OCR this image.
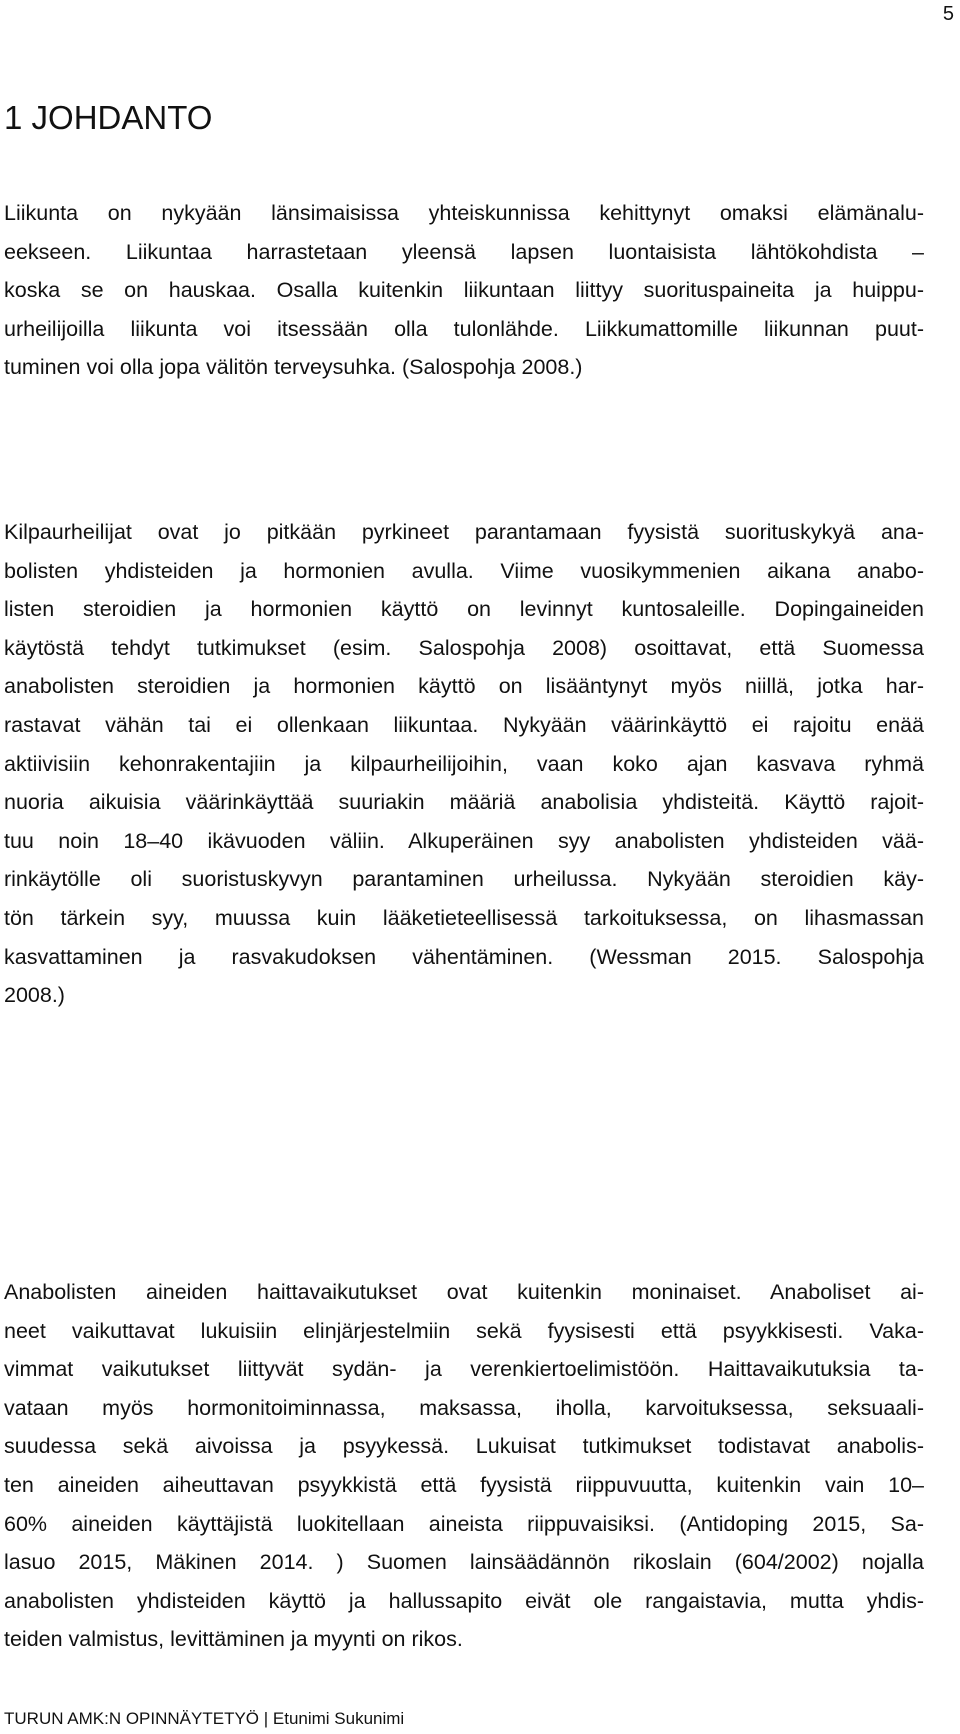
5
1 JOHDANTO

Liikunta on nykyään länsimaisissa yhteiskunnissa kehittynyt omaksi elämänalu-
eekseen. Liikuntaa harrastetaan yleensä lapsen luontaisista lähtökohdista –
koska se on hauskaa. Osalla kuitenkin liikuntaan liittyy suorituspaineita ja huippu-
urheilijoilla liikunta voi itsessään olla tulonlähde. Liikkumattomille liikunnan puut-
tuminen voi olla jopa välitön terveysuhka. (Salospohja 2008.)

Kilpaurheilijat ovat jo pitkään pyrkineet parantamaan fyysistä suorituskykyä ana-
bolisten yhdisteiden ja hormonien avulla. Viime vuosikymmenien aikana anabo-
listen steroidien ja hormonien käyttö on levinnyt kuntosaleille. Dopingaineiden
käytöstä tehdyt tutkimukset (esim. Salospohja 2008) osoittavat, että Suomessa
anabolisten steroidien ja hormonien käyttö on lisääntynyt myös niillä, jotka har-
rastavat vähän tai ei ollenkaan liikuntaa. Nykyään väärinkäyttö ei rajoitu enää
aktiivisiin kehonrakentajiin ja kilpaurheilijoihin, vaan koko ajan kasvava ryhmä
nuoria aikuisia väärinkäyttää suuriakin määriä anabolisia yhdisteitä. Käyttö rajoit-
tuu noin 18–40 ikävuoden väliin. Alkuperäinen syy anabolisten yhdisteiden vää-
rinkäytölle oli suoristuskyvyn parantaminen urheilussa. Nykyään steroidien käy-
tön tärkein syy, muussa kuin lääketieteellisessä tarkoituksessa, on lihasmassan
kasvattaminen ja rasvakudoksen vähentäminen. (Wessman 2015. Salospohja
2008.)

Anabolisten aineiden haittavaikutukset ovat kuitenkin moninaiset. Anaboliset ai-
neet vaikuttavat lukuisiin elinjärjestelmiin sekä fyysisesti että psyykkisesti. Vaka-
vimmat vaikutukset liittyvät sydän- ja verenkiertoelimistöön. Haittavaikutuksia ta-
vataan myös hormonitoiminnassa, maksassa, iholla, karvoituksessa, seksuaali-
suudessa sekä aivoissa ja psyykessä. Lukuisat tutkimukset todistavat anabolis-
ten aineiden aiheuttavan psyykkistä että fyysistä riippuvuutta, kuitenkin vain 10–
60% aineiden käyttäjistä luokitellaan aineista riippuvaisiksi. (Antidoping 2015, Sa-
lasuo 2015, Mäkinen 2014. ) Suomen lainsäädännön rikoslain (604/2002) nojalla
anabolisten yhdisteiden käyttö ja hallussapito eivät ole rangaistavia, mutta yhdis-
teiden valmistus, levittäminen ja myynti on rikos.

TURUN AMK:N OPINNÄYTETYÖ | Etunimi Sukunimi
